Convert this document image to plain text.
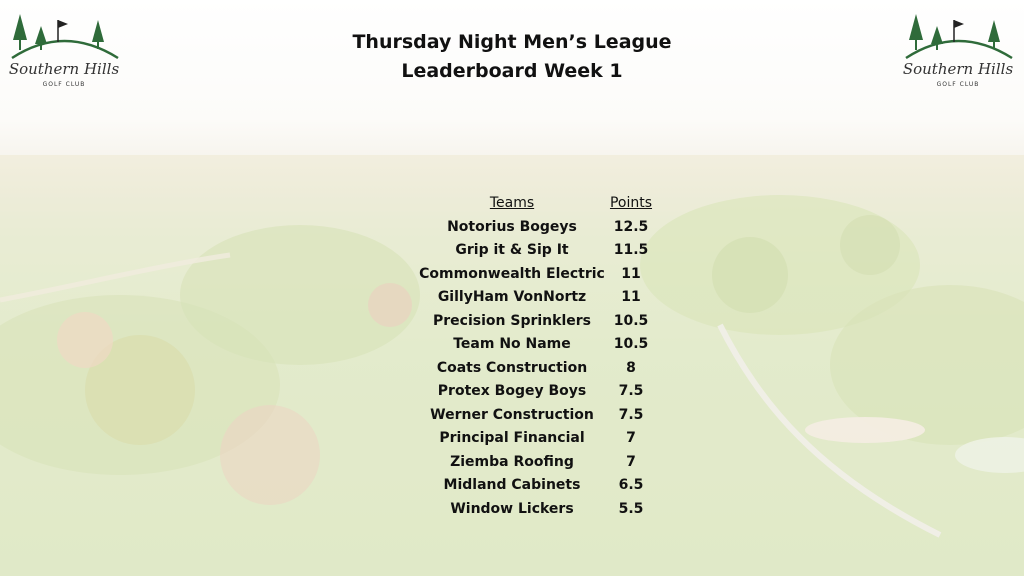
Southern Hills
GOLF CLUB
Southern Hills
GOLF CLUB
Thursday Night Men’s League
Leaderboard Week 1
Teams	Points
Notorius Bogeys	12.5
Grip it & Sip It	11.5
Commonwealth Electric	11
GillyHam VonNortz	11
Precision Sprinklers	10.5
Team No Name	10.5
Coats Construction	8
Protex Bogey Boys	7.5
Werner Construction	7.5
Principal Financial	7
Ziemba Roofing	7
Midland Cabinets	6.5
Window Lickers	5.5
